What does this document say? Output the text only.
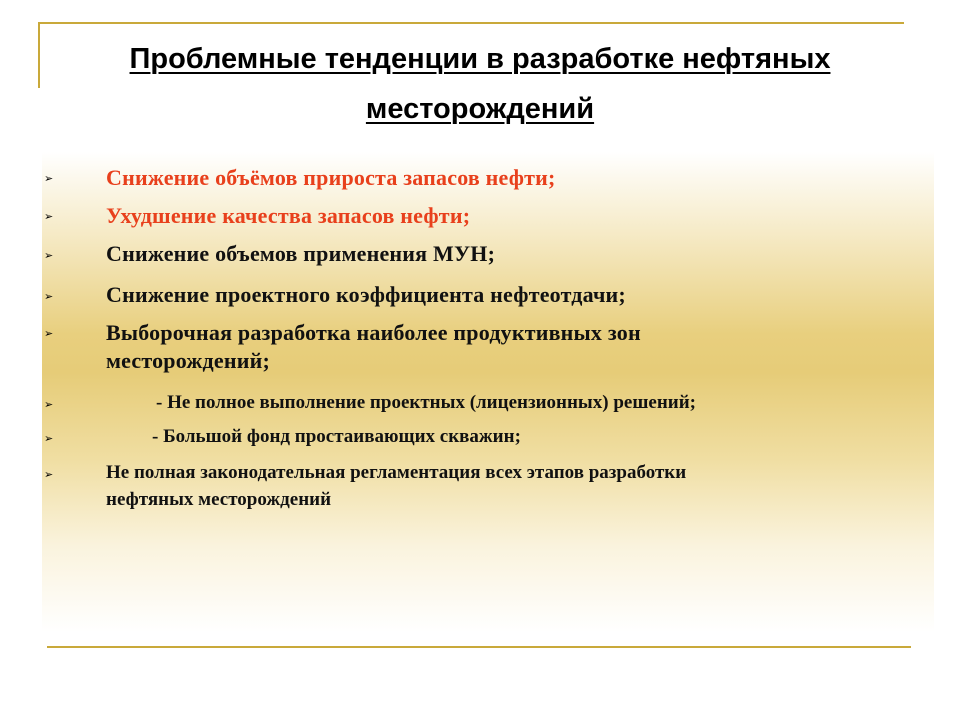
Проблемные тенденции в разработке нефтяных
месторождений
➢ Снижение объёмов прироста запасов нефти;
➢ Ухудшение качества запасов нефти;
➢ Снижение объемов применения МУН;
➢ Снижение проектного коэффициента нефтеотдачи;
➢ Выборочная разработка наиболее продуктивных зон
месторождений;
➢	- Не полное выполнение проектных (лицензионных) решений;
➢	- Большой фонд простаивающих скважин;
➢	Не полная законодательная регламентация всех этапов разработки
нефтяных месторождений
